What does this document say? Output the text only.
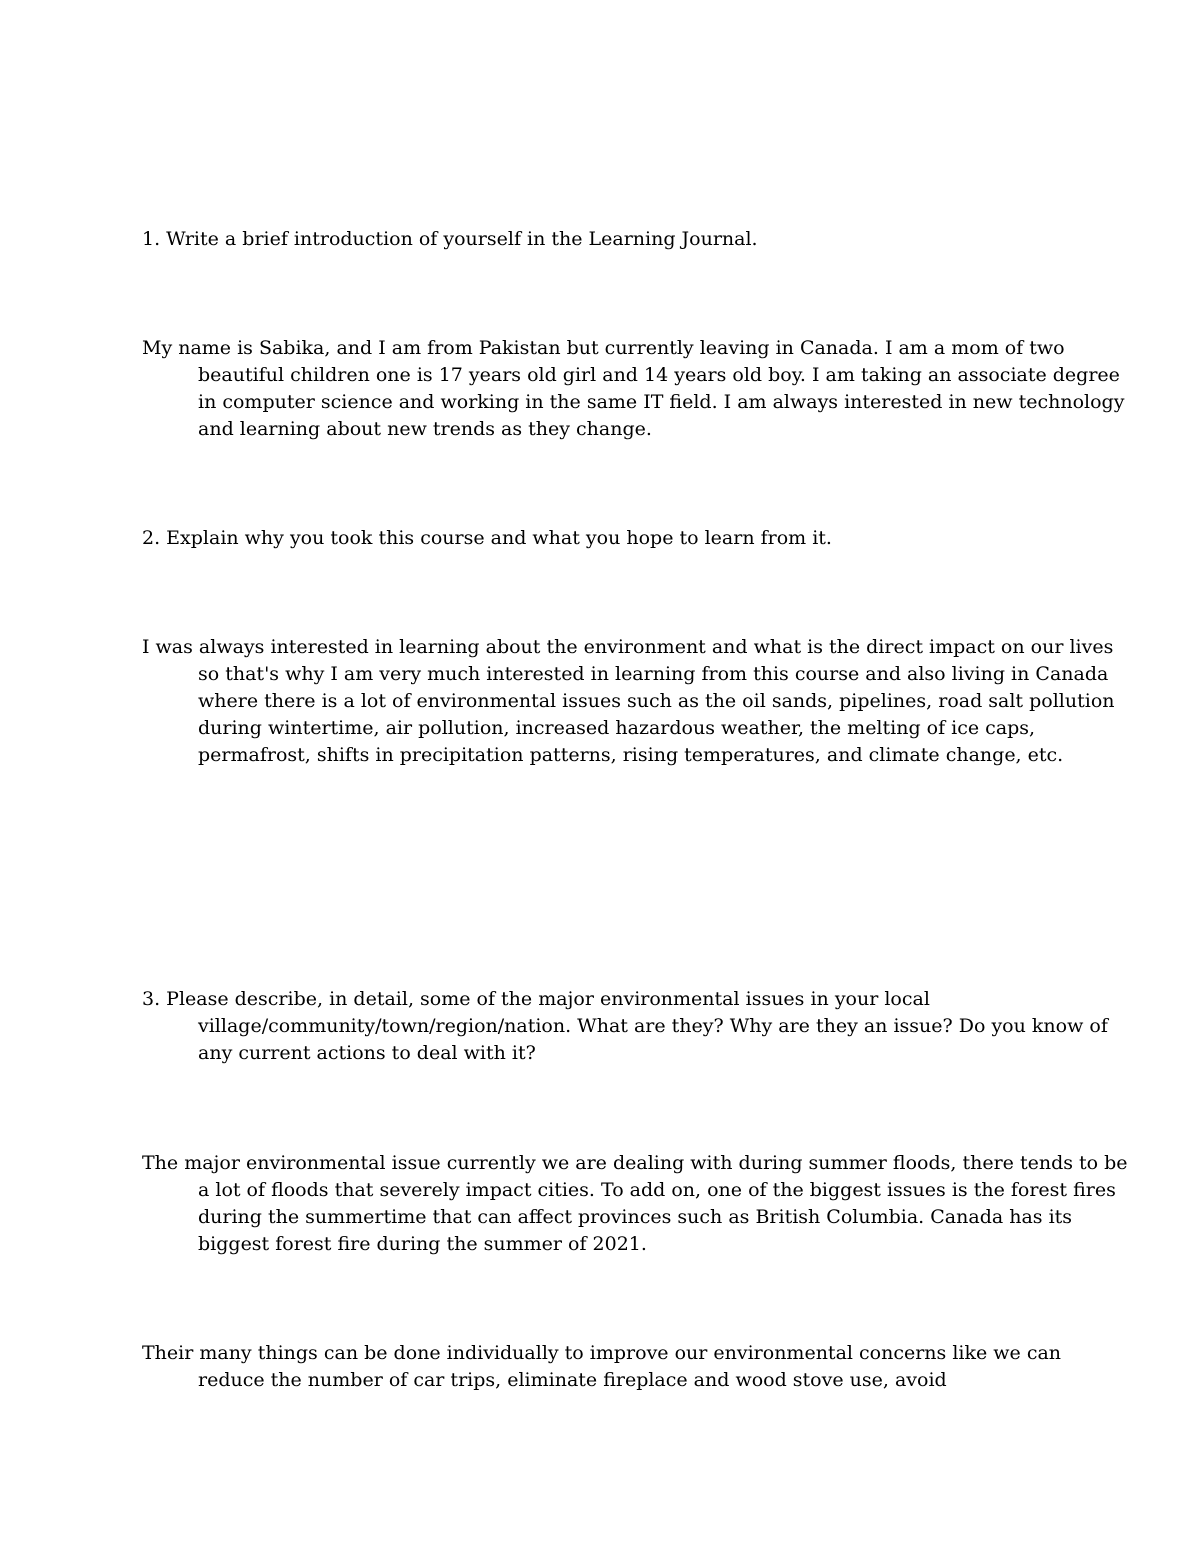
1. Write a brief introduction of yourself in the Learning Journal.

My name is Sabika, and I am from Pakistan but currently leaving in Canada. I am a mom of two beautiful children one is 17 years old girl and 14 years old boy. I am taking an associate degree in computer science and working in the same IT field. I am always interested in new technology and learning about new trends as they change.

2. Explain why you took this course and what you hope to learn from it.

I was always interested in learning about the environment and what is the direct impact on our lives so that's why I am very much interested in learning from this course and also living in Canada where there is a lot of environmental issues such as the oil sands, pipelines, road salt pollution during wintertime, air pollution, increased hazardous weather, the melting of ice caps, permafrost, shifts in precipitation patterns, rising temperatures, and climate change, etc.

3. Please describe, in detail, some of the major environmental issues in your local village/community/town/region/nation. What are they? Why are they an issue? Do you know of any current actions to deal with it?

The major environmental issue currently we are dealing with during summer floods, there tends to be a lot of floods that severely impact cities. To add on, one of the biggest issues is the forest fires during the summertime that can affect provinces such as British Columbia. Canada has its biggest forest fire during the summer of 2021.

Their many things can be done individually to improve our environmental concerns like we can reduce the number of car trips, eliminate fireplace and wood stove use, avoid
